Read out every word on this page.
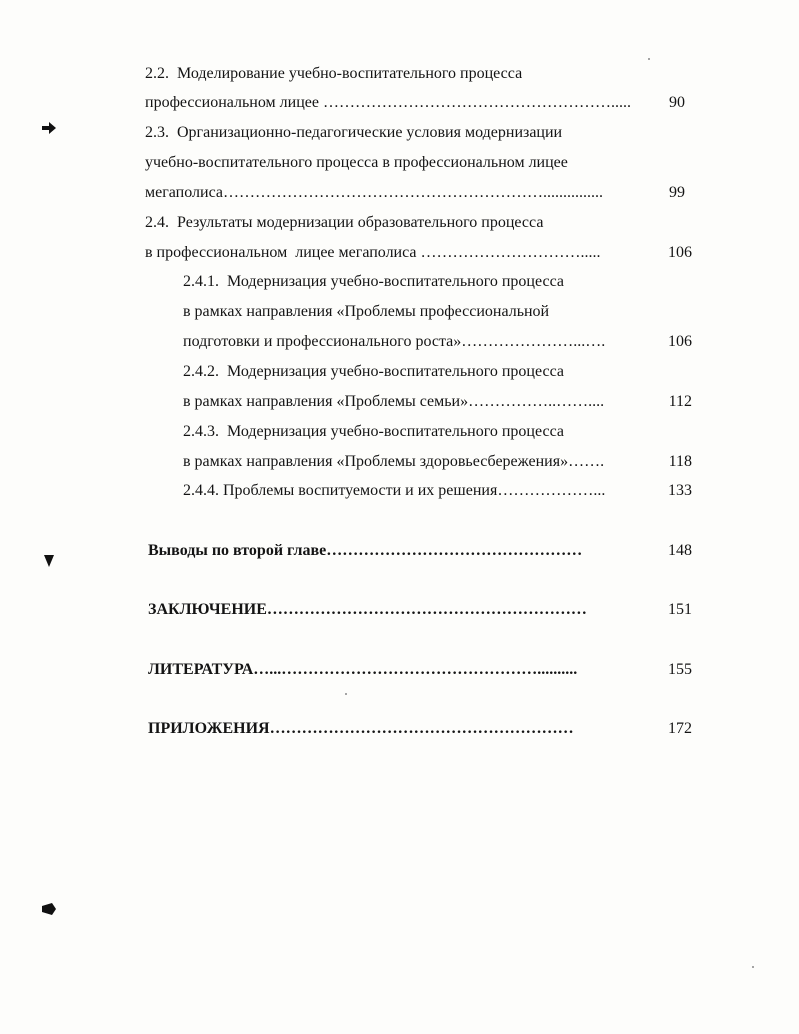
2.2.  Моделирование учебно-воспитательного процесса
профессиональном лицее ……………………………………………….....	90
2.3.  Организационно-педагогические условия модернизации
учебно-воспитательного процесса в профессиональном лицее
мегаполиса……………………………………………………...............	99
2.4.  Результаты модернизации образовательного процесса
в профессиональном  лицее мегаполиса ………………………….....	106
2.4.1.  Модернизация учебно-воспитательного процесса
в рамках направления «Проблемы профессиональной
подготовки и профессионального роста»…………………...….	106
2.4.2.  Модернизация учебно-воспитательного процесса
в рамках направления «Проблемы семьи»……………..……....	112
2.4.3.  Модернизация учебно-воспитательного процесса
в рамках направления «Проблемы здоровьесбережения»…….	118
2.4.4. Проблемы воспитуемости и их решения………………...	133
Выводы по второй главе…………………………………………	148
ЗАКЛЮЧЕНИЕ……………………………………………………	151
ЛИТЕРАТУРА…...…………………………………………..........	155
ПРИЛОЖЕНИЯ…………………………………………………	172
